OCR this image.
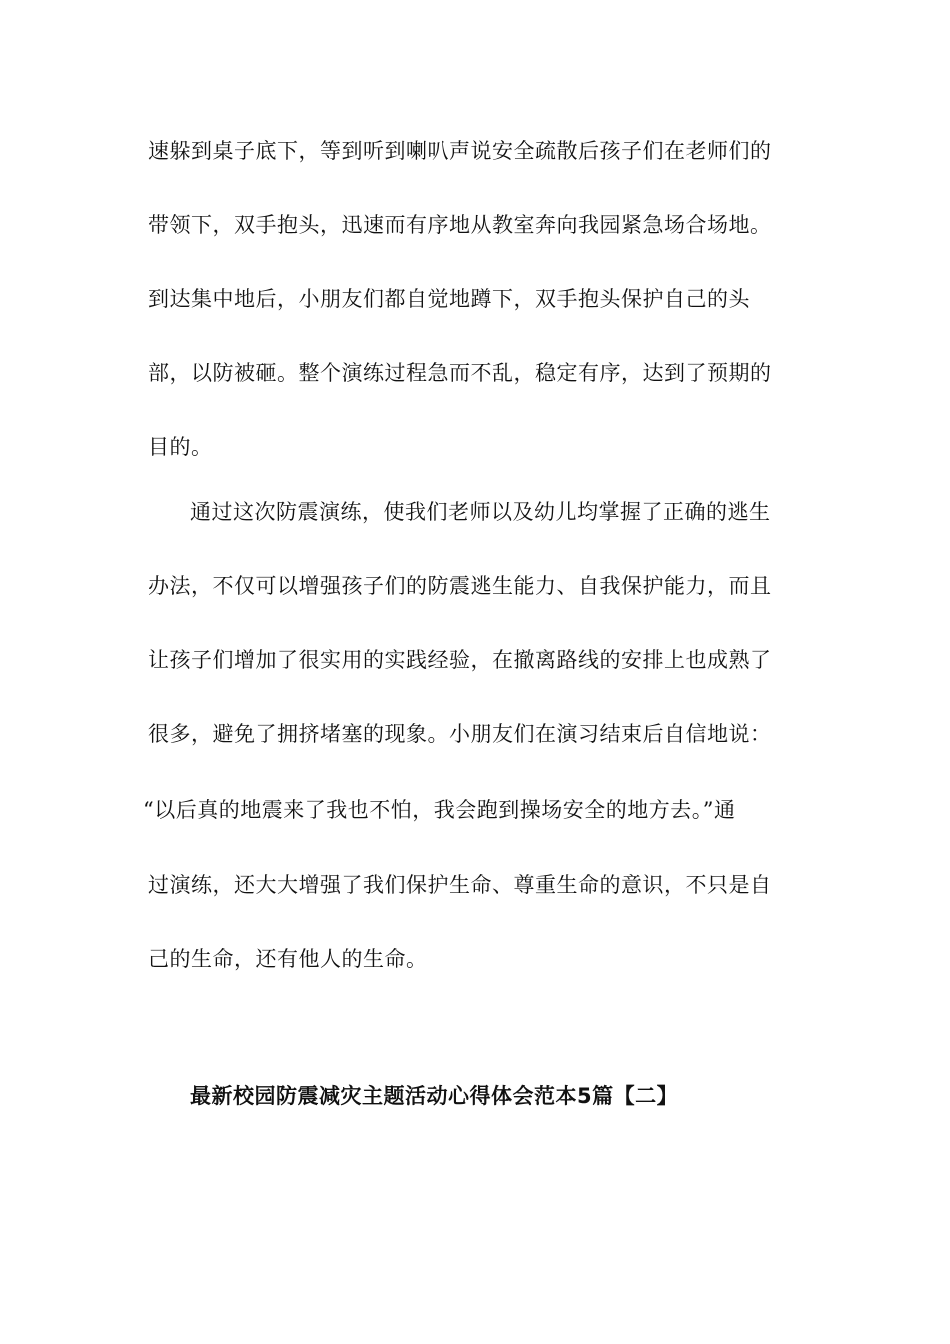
速躲到桌子底下，等到听到喇叭声说安全疏散后孩子们在老师们的
带领下，双手抱头，迅速而有序地从教室奔向我园紧急场合场地。
到达集中地后，小朋友们都自觉地蹲下，双手抱头保护自己的头
部，以防被砸。整个演练过程急而不乱，稳定有序，达到了预期的
目的。
通过这次防震演练，使我们老师以及幼儿均掌握了正确的逃生
办法，不仅可以增强孩子们的防震逃生能力、自我保护能力，而且
让孩子们增加了很实用的实践经验，在撤离路线的安排上也成熟了
很多，避免了拥挤堵塞的现象。小朋友们在演习结束后自信地说：
“以后真的地震来了我也不怕，我会跑到操场安全的地方去。”通
过演练，还大大增强了我们保护生命、尊重生命的意识，不只是自
己的生命，还有他人的生命。
最新校园防震减灾主题活动心得体会范本5篇【二】
